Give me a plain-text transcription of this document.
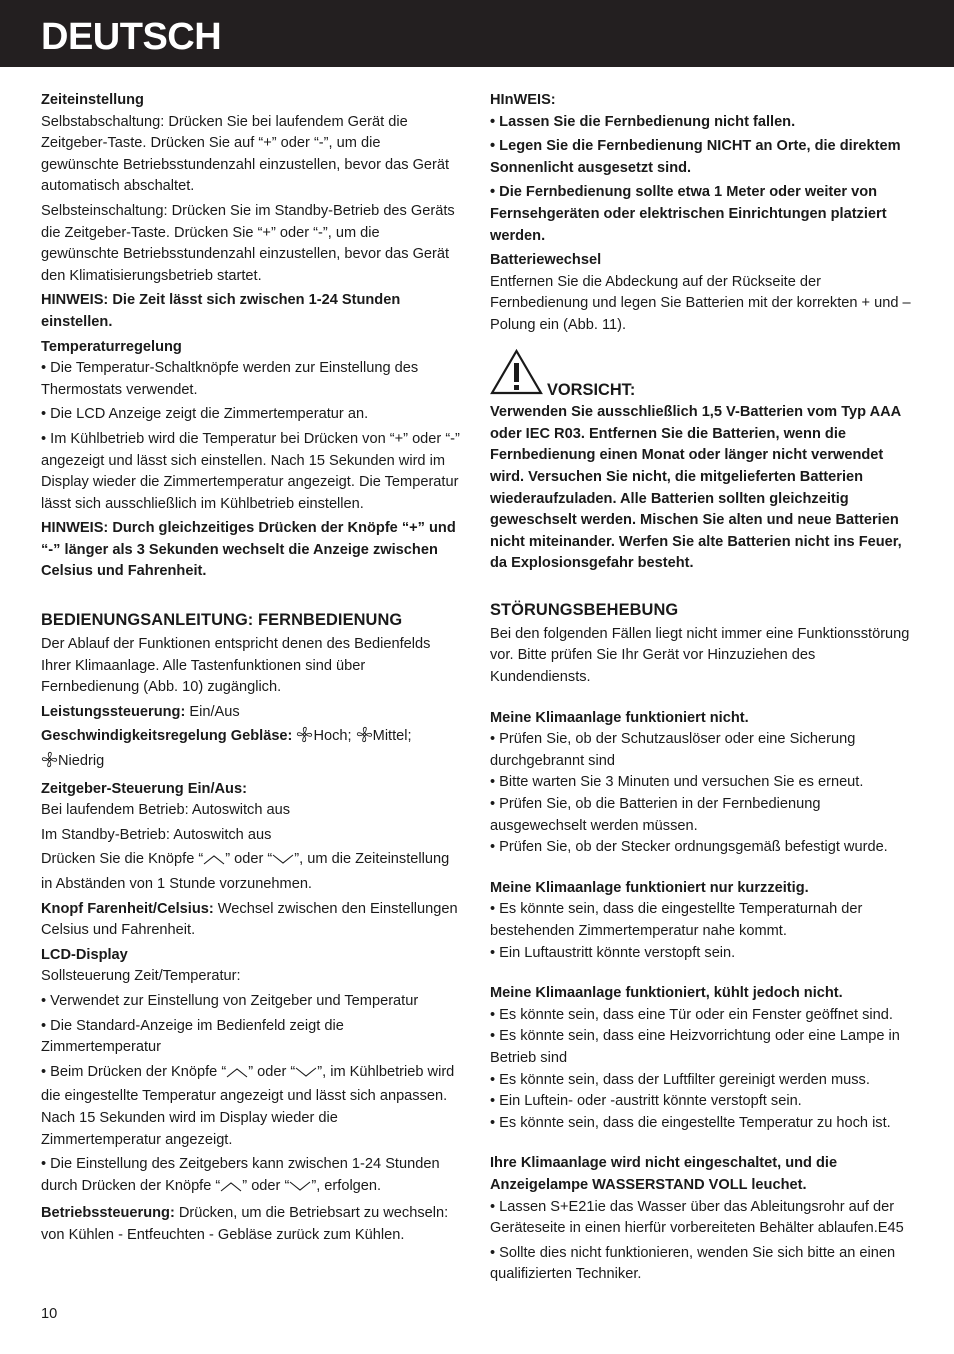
DEUTSCH

Zeiteinstellung

Selbstabschaltung: Drücken Sie bei laufendem Gerät die Zeitgeber-Taste. Drücken Sie auf “+” oder “-”, um die gewünschte Betriebsstundenzahl einzustellen, bevor das Gerät automatisch abschaltet.

Selbsteinschaltung: Drücken Sie im Standby-Betrieb des Geräts die Zeitgeber-Taste. Drücken Sie “+” oder “-”, um die gewünschte Betriebsstundenzahl einzustellen, bevor das Gerät den Klimatisierungsbetrieb startet.

HINWEIS: Die Zeit lässt sich zwischen 1-24 Stunden einstellen.

Temperaturregelung

• Die Temperatur-Schaltknöpfe werden zur Einstellung des Thermostats verwendet.

• Die LCD Anzeige zeigt die Zimmertemperatur an.

• Im Kühlbetrieb wird die Temperatur bei Drücken von “+” oder “-” angezeigt und lässt sich einstellen. Nach 15 Sekunden wird im Display wieder die Zimmertemperatur angezeigt. Die Temperatur lässt sich ausschließlich im Kühlbetrieb einstellen.

HINWEIS: Durch gleichzeitiges Drücken der Knöpfe “+” und “-” länger als 3 Sekunden wechselt die Anzeige zwischen Celsius und Fahrenheit.

BEDIENUNGSANLEITUNG: FERNBEDIENUNG

Der Ablauf der Funktionen entspricht denen des Bedienfelds Ihrer Klimaanlage. Alle Tastenfunktionen sind über Fernbedienung (Abb. 10) zugänglich.

Leistungssteuerung: Ein/Aus

Geschwindigkeitsregelung Gebläse: Hoch; Mittel;
Niedrig

Zeitgeber-Steuerung Ein/Aus:

Bei laufendem Betrieb: Autoswitch aus

Im Standby-Betrieb: Autoswitch aus

Drücken Sie die Knöpfe “ ” oder “ ”, um die Zeiteinstellung in Abständen von 1 Stunde vorzunehmen.

Knopf Farenheit/Celsius: Wechsel zwischen den Einstellungen Celsius und Fahrenheit.

LCD-Display

Sollsteuerung Zeit/Temperatur:

• Verwendet zur Einstellung von Zeitgeber und Temperatur

• Die Standard-Anzeige im Bedienfeld zeigt die Zimmertemperatur

• Beim Drücken der Knöpfe “ ” oder “ ”, im Kühlbetrieb wird die eingestellte Temperatur angezeigt und lässt sich anpassen. Nach 15 Sekunden wird im Display wieder die Zimmertemperatur angezeigt.

• Die Einstellung des Zeitgebers kann zwischen 1-24 Stunden durch Drücken der Knöpfe “ ” oder “ ”, erfolgen.

Betriebssteuerung: Drücken, um die Betriebsart zu wechseln: von Kühlen - Entfeuchten - Gebläse zurück zum Kühlen.

HInWEIS:

• Lassen Sie die Fernbedienung nicht fallen.

• Legen Sie die Fernbedienung NICHT an Orte, die direktem Sonnenlicht ausgesetzt sind.

• Die Fernbedienung sollte etwa 1 Meter oder weiter von Fernsehgeräten oder elektrischen Einrichtungen platziert werden.

Batteriewechsel

Entfernen Sie die Abdeckung auf der Rückseite der Fernbedienung und legen Sie Batterien mit der korrekten + und – Polung ein (Abb. 11).

VORSICHT:

Verwenden Sie ausschließlich 1,5 V-Batterien vom Typ AAA oder IEC R03. Entfernen Sie die Batterien, wenn die Fernbedienung einen Monat oder länger nicht verwendet wird. Versuchen Sie nicht, die mitgelieferten Batterien wiederaufzuladen. Alle Batterien sollten gleichzeitig geweschselt werden. Mischen Sie alten und neue Batterien nicht miteinander. Werfen Sie alte Batterien nicht ins Feuer, da Explosionsgefahr besteht.

STÖRUNGSBEHEBUNG

Bei den folgenden Fällen liegt nicht immer eine Funktionsstörung vor. Bitte prüfen Sie Ihr Gerät vor Hinzuziehen des Kundendiensts.

Meine Klimaanlage funktioniert nicht.

• Prüfen Sie, ob der Schutzauslöser oder eine Sicherung durchgebrannt sind

• Bitte warten Sie 3 Minuten und versuchen Sie es erneut.

• Prüfen Sie, ob die Batterien in der Fernbedienung ausgewechselt werden müssen.

• Prüfen Sie, ob der Stecker ordnungsgemäß befestigt wurde.

Meine Klimaanlage funktioniert nur kurzzeitig.

• Es könnte sein, dass die eingestellte Temperaturnah der bestehenden Zimmertemperatur nahe kommt.

• Ein Luftaustritt könnte verstopft sein.

Meine Klimaanlage funktioniert, kühlt jedoch nicht.

• Es könnte sein, dass eine Tür oder ein Fenster geöffnet sind.

• Es könnte sein, dass eine Heizvorrichtung oder eine Lampe in Betrieb sind

• Es könnte sein, dass der Luftfilter gereinigt werden muss.

• Ein Luftein- oder -austritt könnte verstopft sein.

• Es könnte sein, dass die eingestellte Temperatur zu hoch ist.

Ihre Klimaanlage wird nicht eingeschaltet, und die Anzeigelampe WASSERSTAND VOLL leuchet.

• Lassen S+E21ie das Wasser über das Ableitungsrohr auf der Geräteseite in einen hierfür vorbereiteten Behälter ablaufen.E45

• Sollte dies nicht funktionieren, wenden Sie sich bitte an einen qualifizierten Techniker.

10
